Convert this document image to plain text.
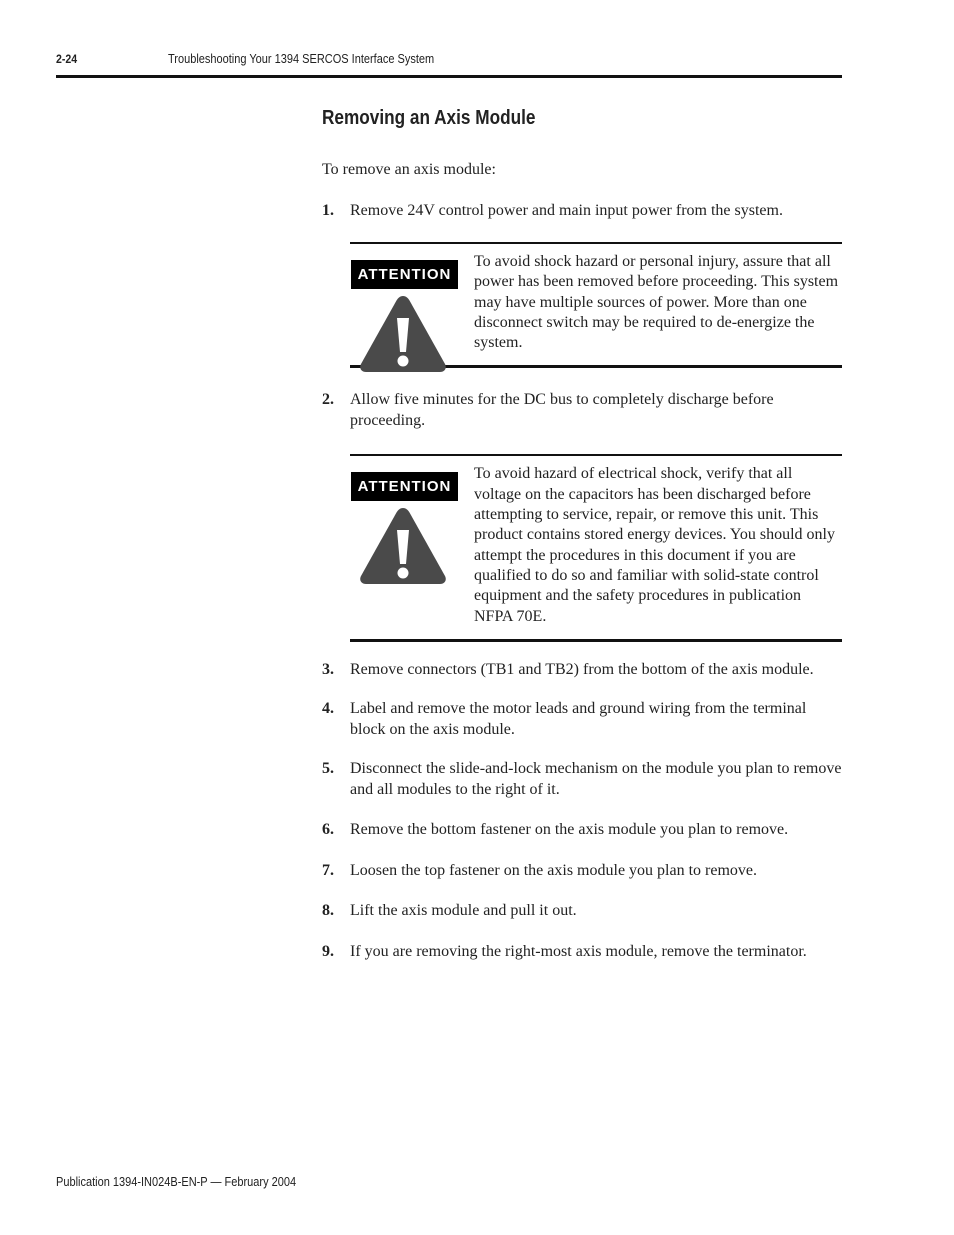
2-24	Troubleshooting Your 1394 SERCOS Interface System
Removing an Axis Module
To remove an axis module:
1. Remove 24V control power and main input power from the system.
ATTENTION
To avoid shock hazard or personal injury, assure that all power has been removed before proceeding. This system may have multiple sources of power. More than one disconnect switch may be required to de-energize the system.
2. Allow five minutes for the DC bus to completely discharge before proceeding.
ATTENTION
To avoid hazard of electrical shock, verify that all voltage on the capacitors has been discharged before attempting to service, repair, or remove this unit. This product contains stored energy devices. You should only attempt the procedures in this document if you are qualified to do so and familiar with solid-state control equipment and the safety procedures in publication NFPA 70E.
3. Remove connectors (TB1 and TB2) from the bottom of the axis module.
4. Label and remove the motor leads and ground wiring from the terminal block on the axis module.
5. Disconnect the slide-and-lock mechanism on the module you plan to remove and all modules to the right of it.
6. Remove the bottom fastener on the axis module you plan to remove.
7. Loosen the top fastener on the axis module you plan to remove.
8. Lift the axis module and pull it out.
9. If you are removing the right-most axis module, remove the terminator.
Publication 1394-IN024B-EN-P — February 2004
